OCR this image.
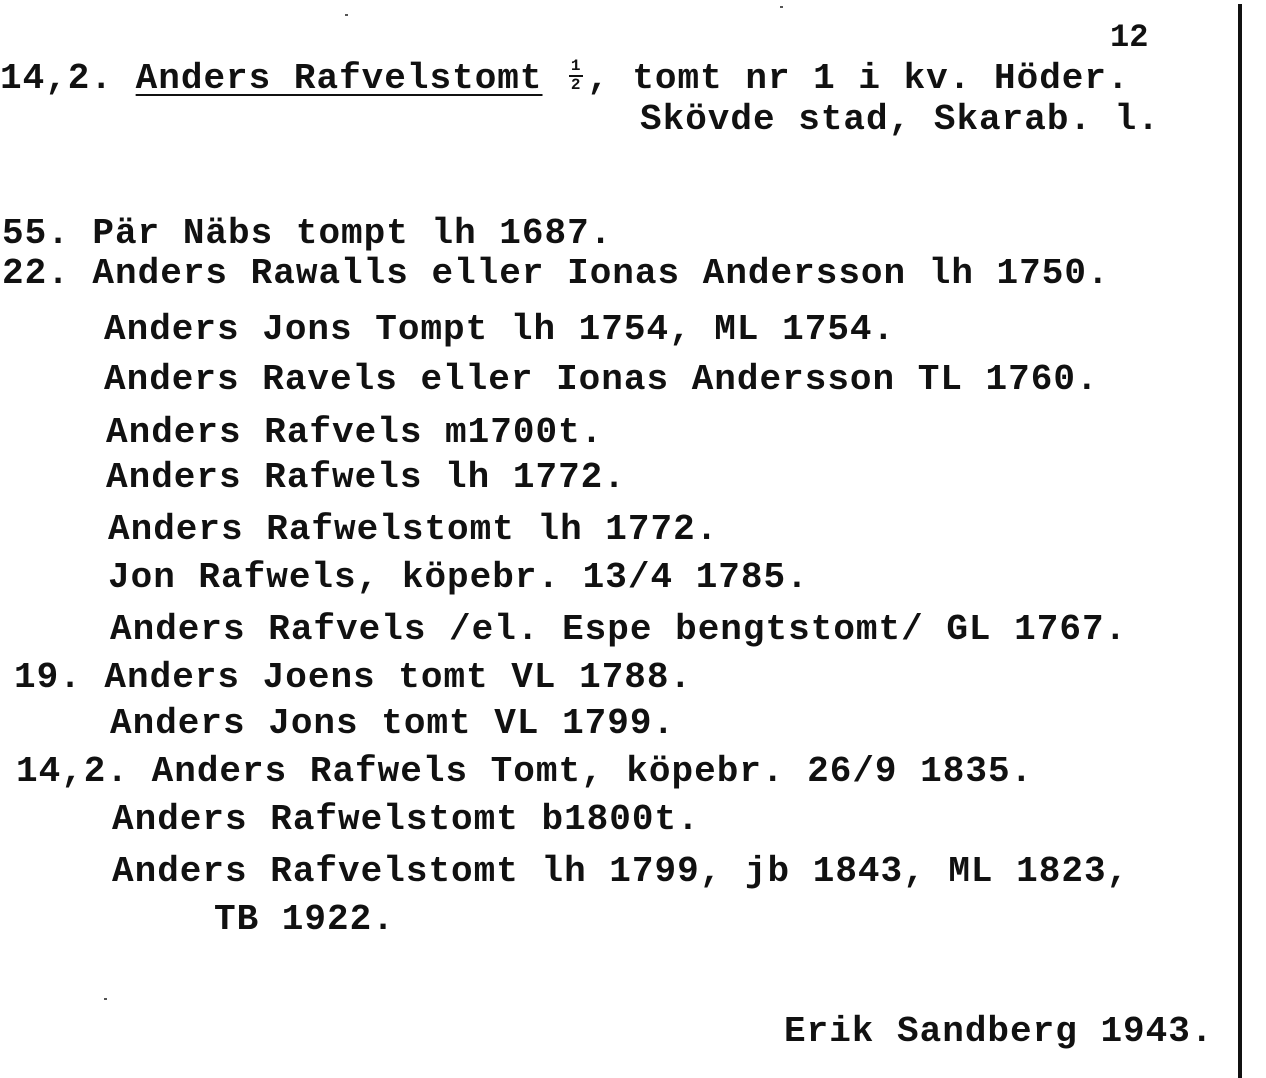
14,2. Anders Rafvelstomt $\frac{1}{2}$ , tomt nr 1 i kv. Höder.
12
Skövde stad, Skarab. l.
55. Pär Näbs tompt lh 1687.
22. Anders Rawalls eller Ionas Andersson lh 1750.
Anders Jons Tompt lh 1754, ML 1754.
Anders Ravels eller Ionas Andersson TL 1760.
Anders Rafvels m1700t.
Anders Rafwels lh 1772.
Anders Rafwelstomt lh 1772.
Jon Rafwels, köpebr. 13/4 1785.
Anders Rafvels /el. Espe bengtstomt/ GL 1767.
19. Anders Joens tomt VL 1788.
Anders Jons tomt VL 1799.
14,2. Anders Rafwels Tomt, köpebr. 26/9 1835.
Anders Rafwelstomt b1800t.
Anders Rafvelstomt lh 1799, jb 1843, ML 1823,
TB 1922.
Erik Sandberg 1943.
